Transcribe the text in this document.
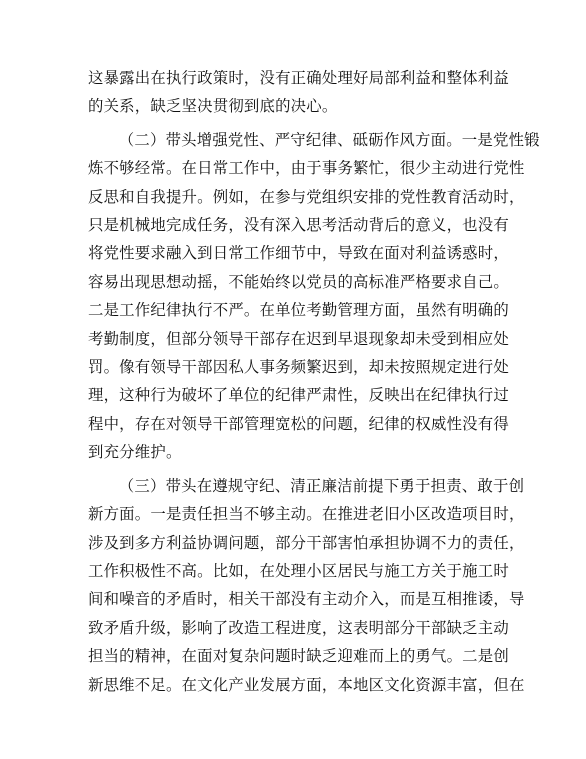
这暴露出在执行政策时，没有正确处理好局部利益和整体利益
的关系，缺乏坚决贯彻到底的决心。

（二）带头增强党性、严守纪律、砥砺作风方面。一是党性锻
炼不够经常。在日常工作中，由于事务繁忙，很少主动进行党性
反思和自我提升。例如，在参与党组织安排的党性教育活动时，
只是机械地完成任务，没有深入思考活动背后的意义，也没有
将党性要求融入到日常工作细节中，导致在面对利益诱惑时，
容易出现思想动摇，不能始终以党员的高标准严格要求自己。
二是工作纪律执行不严。在单位考勤管理方面，虽然有明确的
考勤制度，但部分领导干部存在迟到早退现象却未受到相应处
罚。像有领导干部因私人事务频繁迟到，却未按照规定进行处
理，这种行为破坏了单位的纪律严肃性，反映出在纪律执行过
程中，存在对领导干部管理宽松的问题，纪律的权威性没有得
到充分维护。

（三）带头在遵规守纪、清正廉洁前提下勇于担责、敢于创
新方面。一是责任担当不够主动。在推进老旧小区改造项目时，
涉及到多方利益协调问题，部分干部害怕承担协调不力的责任，
工作积极性不高。比如，在处理小区居民与施工方关于施工时
间和噪音的矛盾时，相关干部没有主动介入，而是互相推诿，导
致矛盾升级，影响了改造工程进度，这表明部分干部缺乏主动
担当的精神，在面对复杂问题时缺乏迎难而上的勇气。二是创
新思维不足。在文化产业发展方面，本地区文化资源丰富，但在
